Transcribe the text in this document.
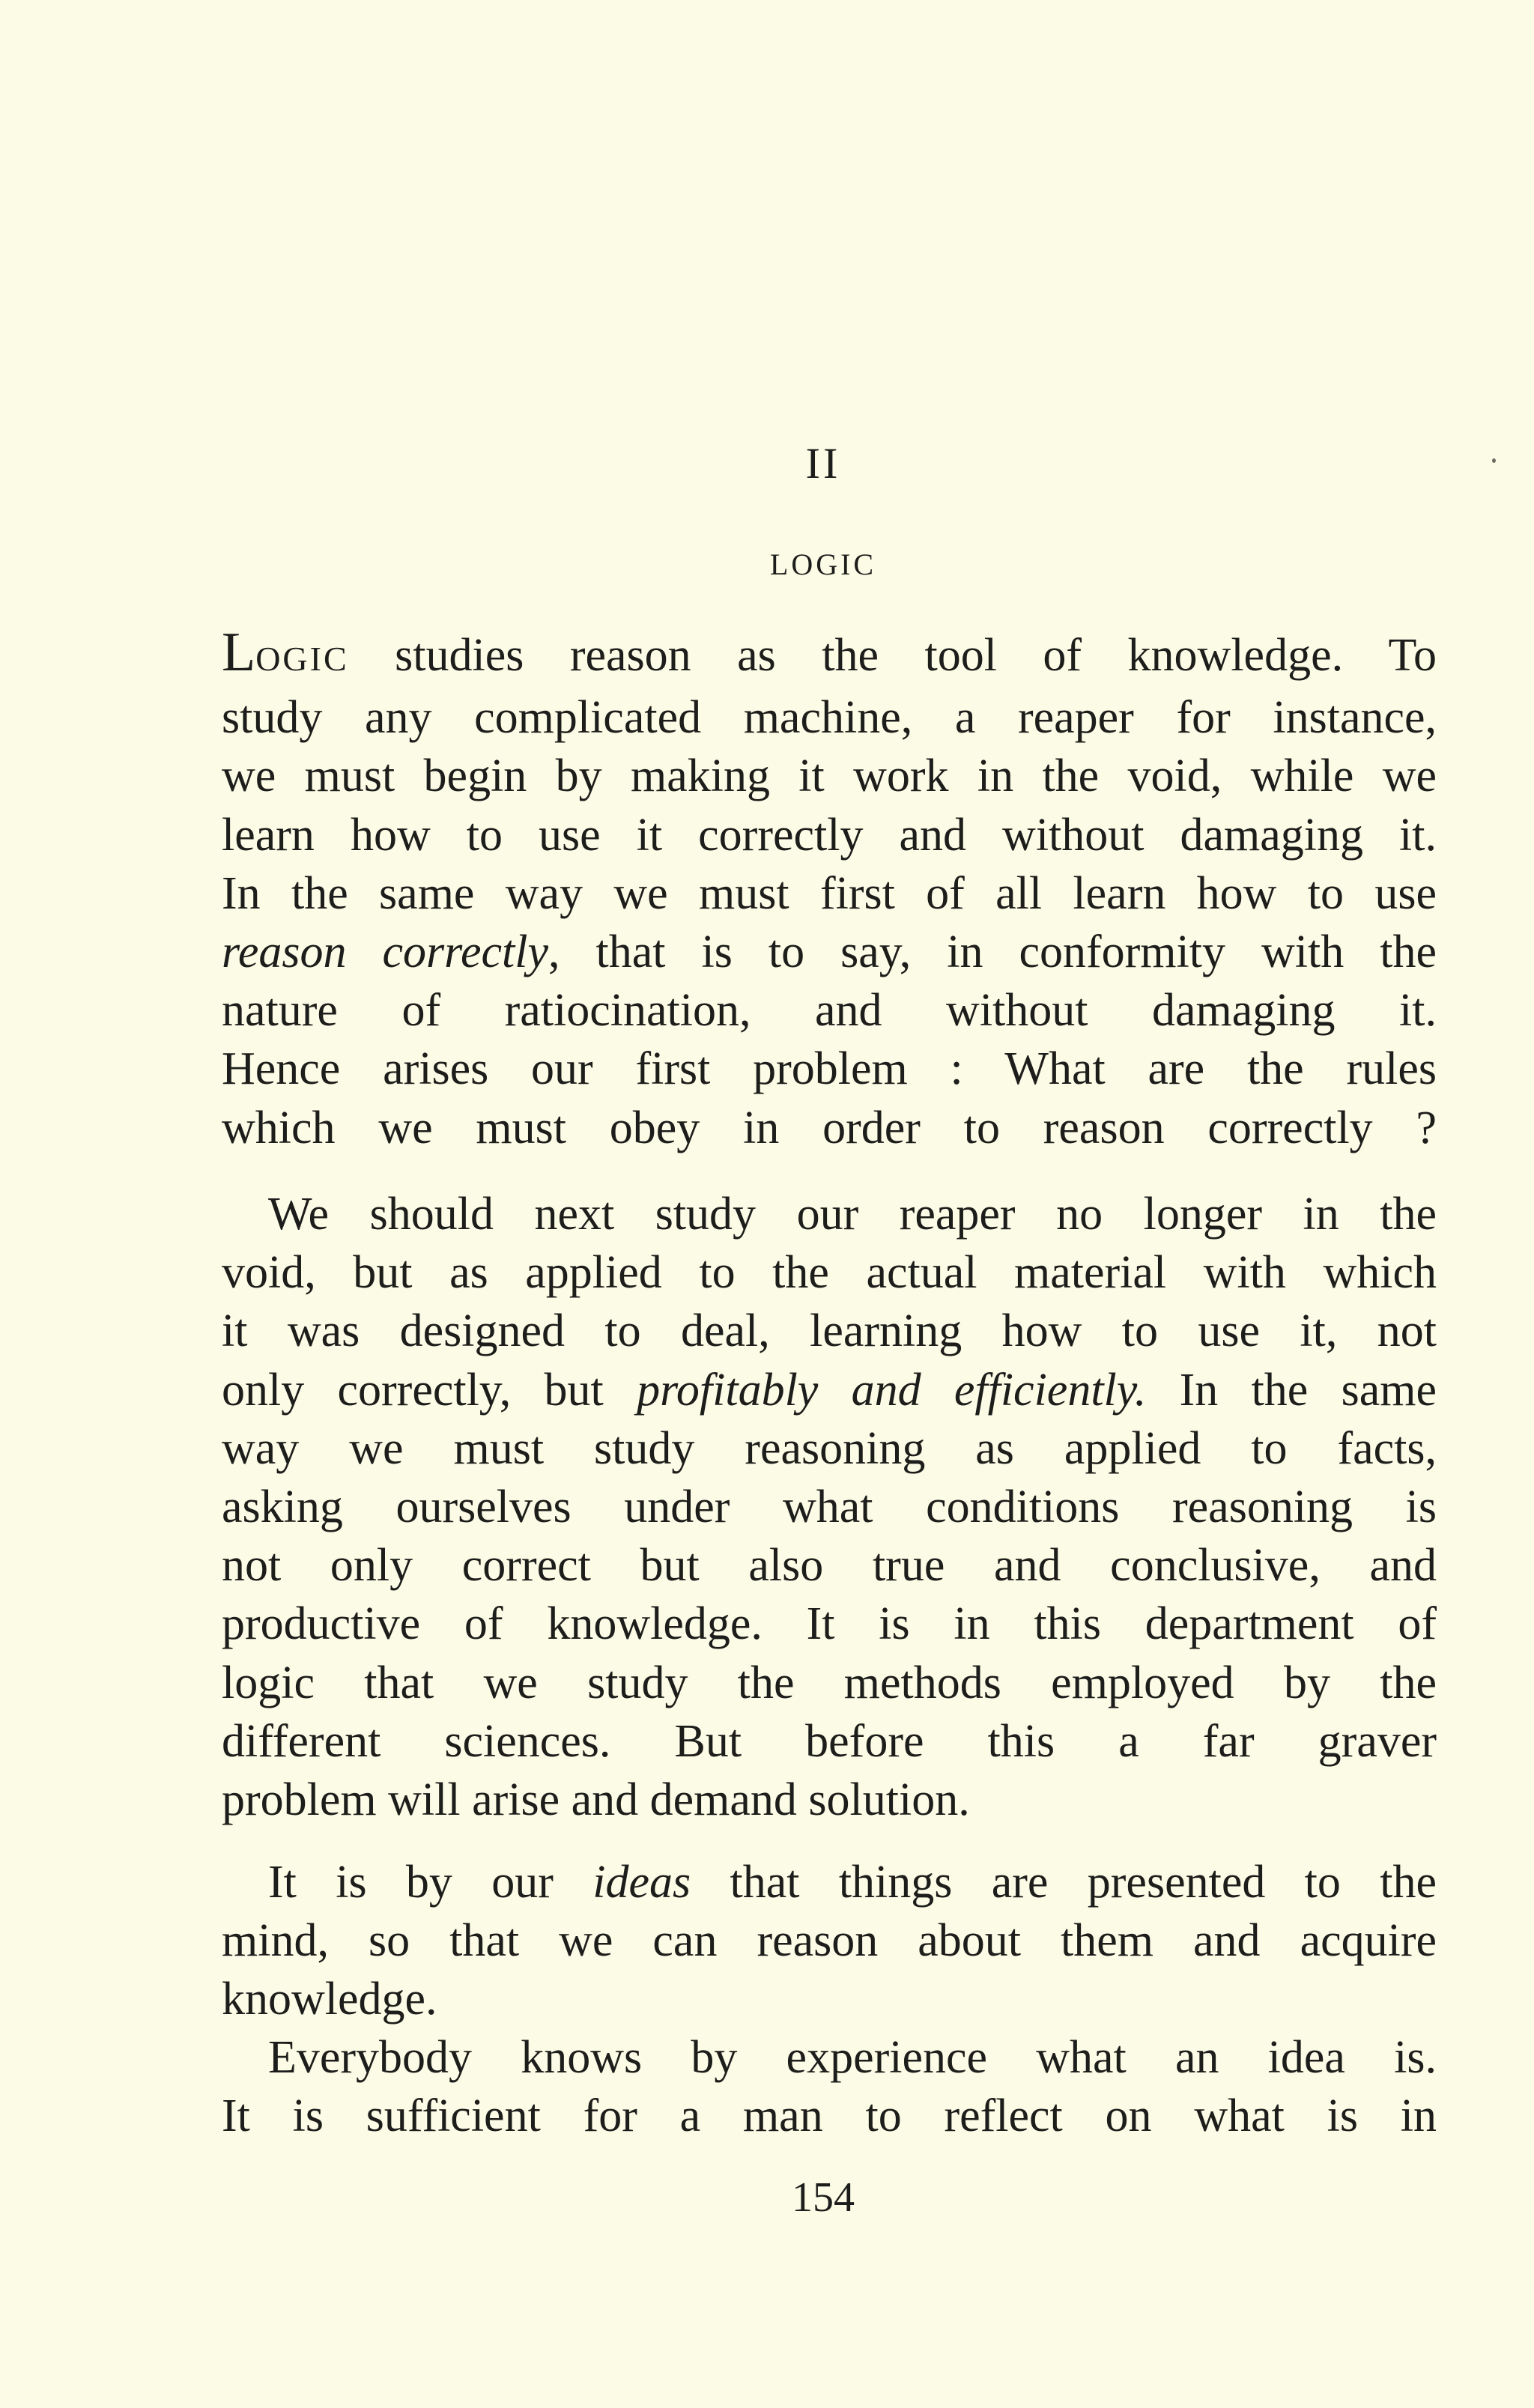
II
LOGIC
LOGIC studies reason as the tool of knowledge. To
study any complicated machine, a reaper for instance,
we must begin by making it work in the void, while we
learn how to use it correctly and without damaging it.
In the same way we must first of all learn how to use
reason correctly, that is to say, in conformity with the
nature of ratiocination, and without damaging it.
Hence arises our first problem : What are the rules
which we must obey in order to reason correctly ?
We should next study our reaper no longer in the
void, but as applied to the actual material with which
it was designed to deal, learning how to use it, not
only correctly, but profitably and efficiently. In the same
way we must study reasoning as applied to facts,
asking ourselves under what conditions reasoning is
not only correct but also true and conclusive, and
productive of knowledge. It is in this department of
logic that we study the methods employed by the
different sciences. But before this a far graver
problem will arise and demand solution.
It is by our ideas that things are presented to the
mind, so that we can reason about them and acquire
knowledge.
Everybody knows by experience what an idea is.
It is sufficient for a man to reflect on what is in
154
